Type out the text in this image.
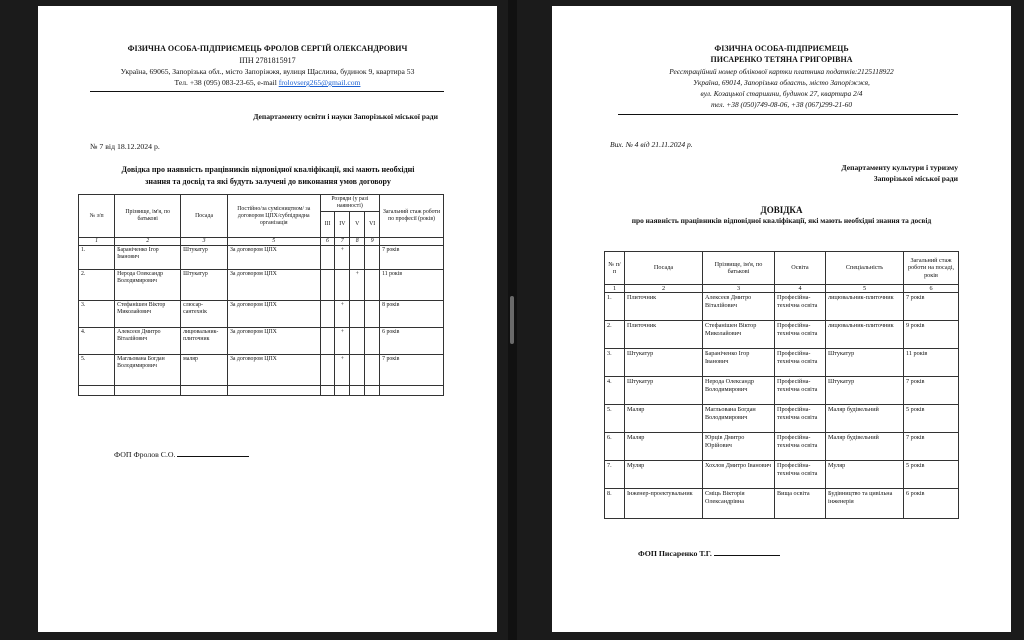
ФІЗИЧНА ОСОБА-ПІДПРИЄМЕЦЬ ФРОЛОВ СЕРГІЙ ОЛЕКСАНДРОВИЧ
ІПН 2781815917
Україна, 69065, Запорізька обл., місто Запоріжжя, вулиця Щаслива, будинок 9, квартира 53
Тел. +38 (095) 083-23-65, e-mail frolovserg265@gmail.com
Департаменту освіти і науки Запорізької міської ради
№ 7 від 18.12.2024 р.
Довідка про наявність працівників відповідної кваліфікації, які мають необхідні знання та досвід та які будуть залучені до виконання умов договору
№ з/п	Прізвище, ім'я, по батькові	Посада	Постійно/за сумісництвом/ за договором ЦПХ/субпідрядна організація	Розряди (у разі наявності)				Загальний стаж роботи по професії (років)
				III	IV	V	VI	
1	2	3	5	6	7	8	9	
1.	Бараніченко Ігор Іванович	Штукатур	За договором ЦПХ		+			7 років
2.	Нерода Олександр Володимирович	Штукатур	За договором ЦПХ			+		11 років
3.	Стефанішен Віктор Миколайович	слюсар-сантехнік	За договором ЦПХ		+			8 років
4.	Алексеєв Дмитро Віталійович	лицювальник-плиточник	За договором ЦПХ		+			6 років
5.	Магльована Богдан Володимирович	маляр	За договором ЦПХ		+			7 років

ФОП Фролов С.О.
ФІЗИЧНА ОСОБА-ПІДПРИЄМЕЦЬ
ПИСАРЕНКО ТЕТЯНА ГРИГОРІВНА
Реєстраційний номер облікової картки платника податків:2125118922
Україна, 69014, Запорізька область, місто Запоріжжя,
вул. Козацької старшини, будинок 27, квартира 2/4
тел. +38 (050)749-08-06, +38 (067)299-21-60
Вих. № 4 від 21.11.2024 р.
Департаменту культури і туризму
Запорізької міської ради
ДОВІДКА
про наявність працівників відповідної кваліфікації, які мають необхідні знання та досвід
№ п/п	Посада	Прізвище, ім'я, по батькові	Освіта	Спеціальність	Загальний стаж роботи на посаді, років
1	2	3	4	5	6
1.	Плиточник	Алексеєв Дмитро Віталійович	Професійна-технічна освіта	лицювальник-плиточник	7 років
2.	Плиточник	Стефанішен Віктор Миколайович	Професійна-технічна освіта	лицювальник-плиточник	9 років
3.	Штукатур	Бараніченко Ігор Іванович	Професійна-технічна освіта	Штукатур	11 років
4.	Штукатур	Нерода Олександр Володимирович	Професійна-технічна освіта	Штукатур	7 років
5.	Маляр	Магльована Богдан Володимирович	Професійна-технічна освіта	Маляр будівельний	5 років
6.	Маляр	Юрців Дмитро Юрійович	Професійна-технічна освіта	Маляр будівельний	7 років
7.	Муляр	Хохлов Дмитро Іванович	Професійна-технічна освіта	Муляр	5 років
8.	Інженер-проектувальник	Сміць Вікторія Олександрівна	Вища освіта	Будівництво та цивільна інженерія	6 років
ФОП Писаренко Т.Г.
